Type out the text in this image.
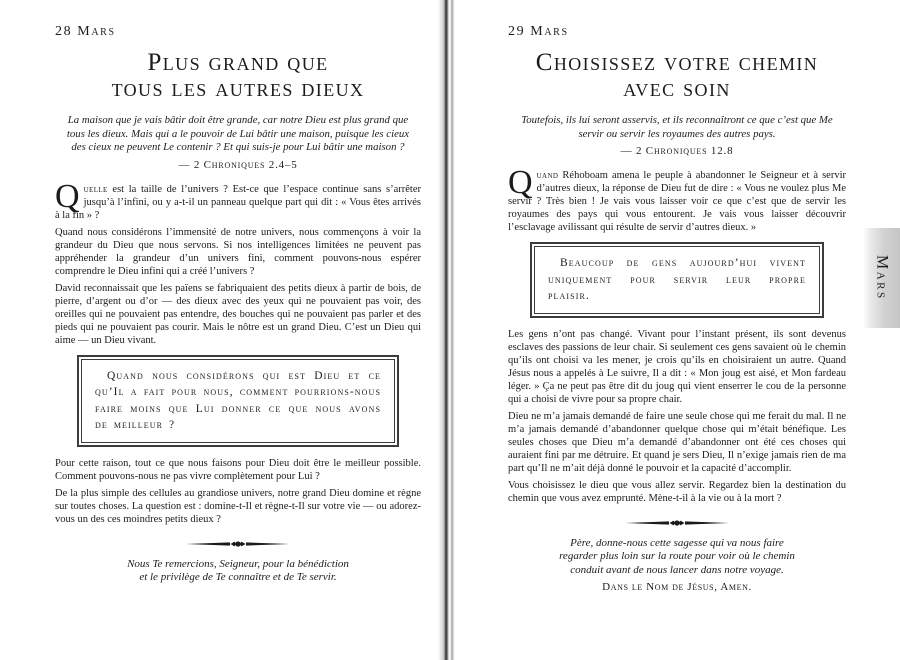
28 Mars
Plus grand que
tous les autres dieux
La maison que je vais bâtir doit être grande, car notre Dieu est plus grand que tous les dieux. Mais qui a le pouvoir de Lui bâtir une maison, puisque les cieux des cieux ne peuvent Le contenir ? Et qui suis-je pour Lui bâtir une maison ?
— 2 Chroniques 2.4–5

Quelle est la taille de l’univers ? Est-ce que l’espace continue sans s’arrêter jusqu’à l’infini, ou y a-t-il un panneau quelque part qui dit : « Vous êtes arrivés à la fin » ?

Quand nous considérons l’immensité de notre univers, nous commençons à voir la grandeur du Dieu que nous servons. Si nos intelligences limitées ne peuvent pas appréhender la grandeur d’un univers fini, comment pouvons-nous espérer comprendre le Dieu infini qui a créé l’univers ?

David reconnaissait que les païens se fabriquaient des petits dieux à partir de bois, de pierre, d’argent ou d’or — des dieux avec des yeux qui ne pouvaient pas voir, des oreilles qui ne pouvaient pas entendre, des bouches qui ne pouvaient pas parler et des pieds qui ne pouvaient pas courir. Mais le nôtre est un grand Dieu. C’est un Dieu qui aime — un Dieu vivant.

Quand nous considérons qui est Dieu et ce qu’Il a fait pour nous, comment pourrions-nous faire moins que Lui donner ce que nous avons de meilleur ?

Pour cette raison, tout ce que nous faisons pour Dieu doit être le meilleur possible. Comment pouvons-nous ne pas vivre complètement pour Lui ?

De la plus simple des cellules au grandiose univers, notre grand Dieu domine et règne sur toutes choses. La question est : domine-t-Il et règne-t-Il sur votre vie — ou adorez-vous un des ces moindres petits dieux ?

Nous Te remercions, Seigneur, pour la bénédiction
et le privilège de Te connaître et de Te servir.
29 Mars
Choisissez votre chemin
avec soin
Toutefois, ils lui seront asservis, et ils reconnaîtront ce que c’est que Me servir ou servir les royaumes des autres pays.
— 2 Chroniques 12.8

Quand Réhoboam amena le peuple à abandonner le Seigneur et à servir d’autres dieux, la réponse de Dieu fut de dire : « Vous ne voulez plus Me servir ? Très bien ! Je vais vous laisser voir ce que c’est que de servir les royaumes des pays qui vous entourent. Je vais vous laisser découvrir l’esclavage avilissant qui résulte de servir d’autres dieux. »

Beaucoup de gens aujourd’hui vivent uniquement pour servir leur propre plaisir.

Les gens n’ont pas changé. Vivant pour l’instant présent, ils sont devenus esclaves des passions de leur chair. Si seulement ces gens savaient où le chemin qu’ils ont choisi va les mener, je crois qu’ils en choisiraient un autre. Quand Jésus nous a appelés à Le suivre, Il a dit : « Mon joug est aisé, et Mon fardeau léger. » Ça ne peut pas être dit du joug qui vient enserrer le cou de la personne qui a choisi de vivre pour sa propre chair.

Dieu ne m’a jamais demandé de faire une seule chose qui me ferait du mal. Il ne m’a jamais demandé d’abandonner quelque chose qui m’était bénéfique. Les seules choses que Dieu m’a demandé d’abandonner ont été ces choses qui auraient fini par me détruire. Et quand je sers Dieu, Il n’exige jamais rien de ma part qu’Il ne m’ait déjà donné le pouvoir et la capacité d’accomplir.

Vous choisissez le dieu que vous allez servir. Regardez bien la destination du chemin que vous avez emprunté. Mène-t-il à la vie ou à la mort ?

Père, donne-nous cette sagesse qui va nous faire
regarder plus loin sur la route pour voir où le chemin
conduit avant de nous lancer dans notre voyage.
Dans le Nom de Jésus, Amen.
Mars
